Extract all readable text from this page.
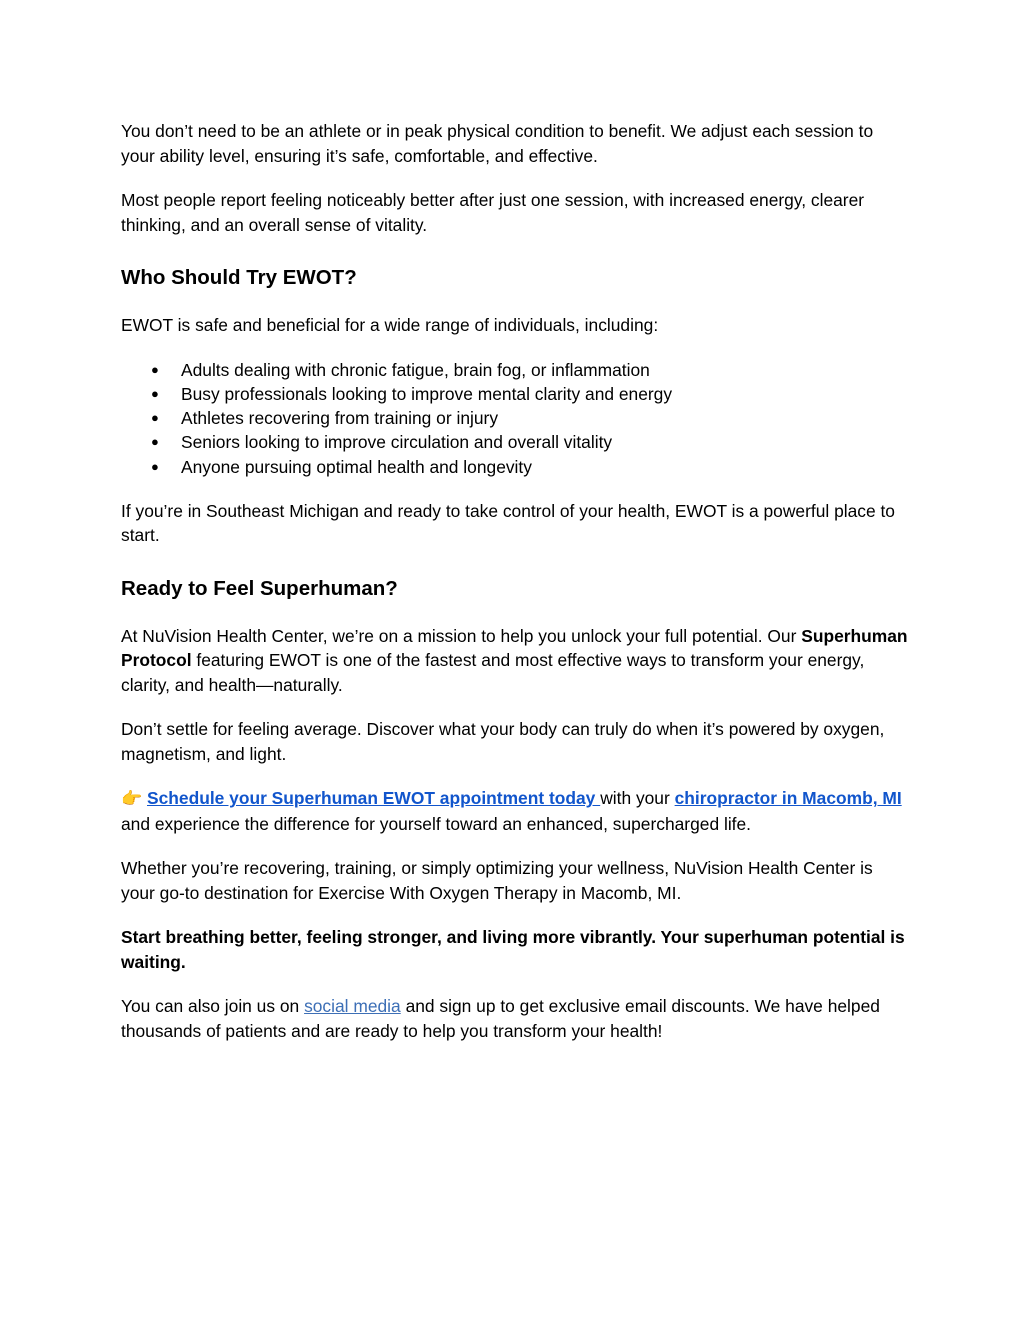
You don’t need to be an athlete or in peak physical condition to benefit. We adjust each session to your ability level, ensuring it’s safe, comfortable, and effective.

Most people report feeling noticeably better after just one session, with increased energy, clearer thinking, and an overall sense of vitality.

Who Should Try EWOT?

EWOT is safe and beneficial for a wide range of individuals, including:

● Adults dealing with chronic fatigue, brain fog, or inflammation
● Busy professionals looking to improve mental clarity and energy
● Athletes recovering from training or injury
● Seniors looking to improve circulation and overall vitality
● Anyone pursuing optimal health and longevity

If you’re in Southeast Michigan and ready to take control of your health, EWOT is a powerful place to start.

Ready to Feel Superhuman?

At NuVision Health Center, we’re on a mission to help you unlock your full potential. Our Superhuman Protocol featuring EWOT is one of the fastest and most effective ways to transform your energy, clarity, and health—naturally.

Don’t settle for feeling average. Discover what your body can truly do when it’s powered by oxygen, magnetism, and light.

👉 Schedule your Superhuman EWOT appointment today with your chiropractor in Macomb, MI and experience the difference for yourself toward an enhanced, supercharged life.

Whether you’re recovering, training, or simply optimizing your wellness, NuVision Health Center is your go-to destination for Exercise With Oxygen Therapy in Macomb, MI.

Start breathing better, feeling stronger, and living more vibrantly. Your superhuman potential is waiting.

You can also join us on social media and sign up to get exclusive email discounts. We have helped thousands of patients and are ready to help you transform your health!
